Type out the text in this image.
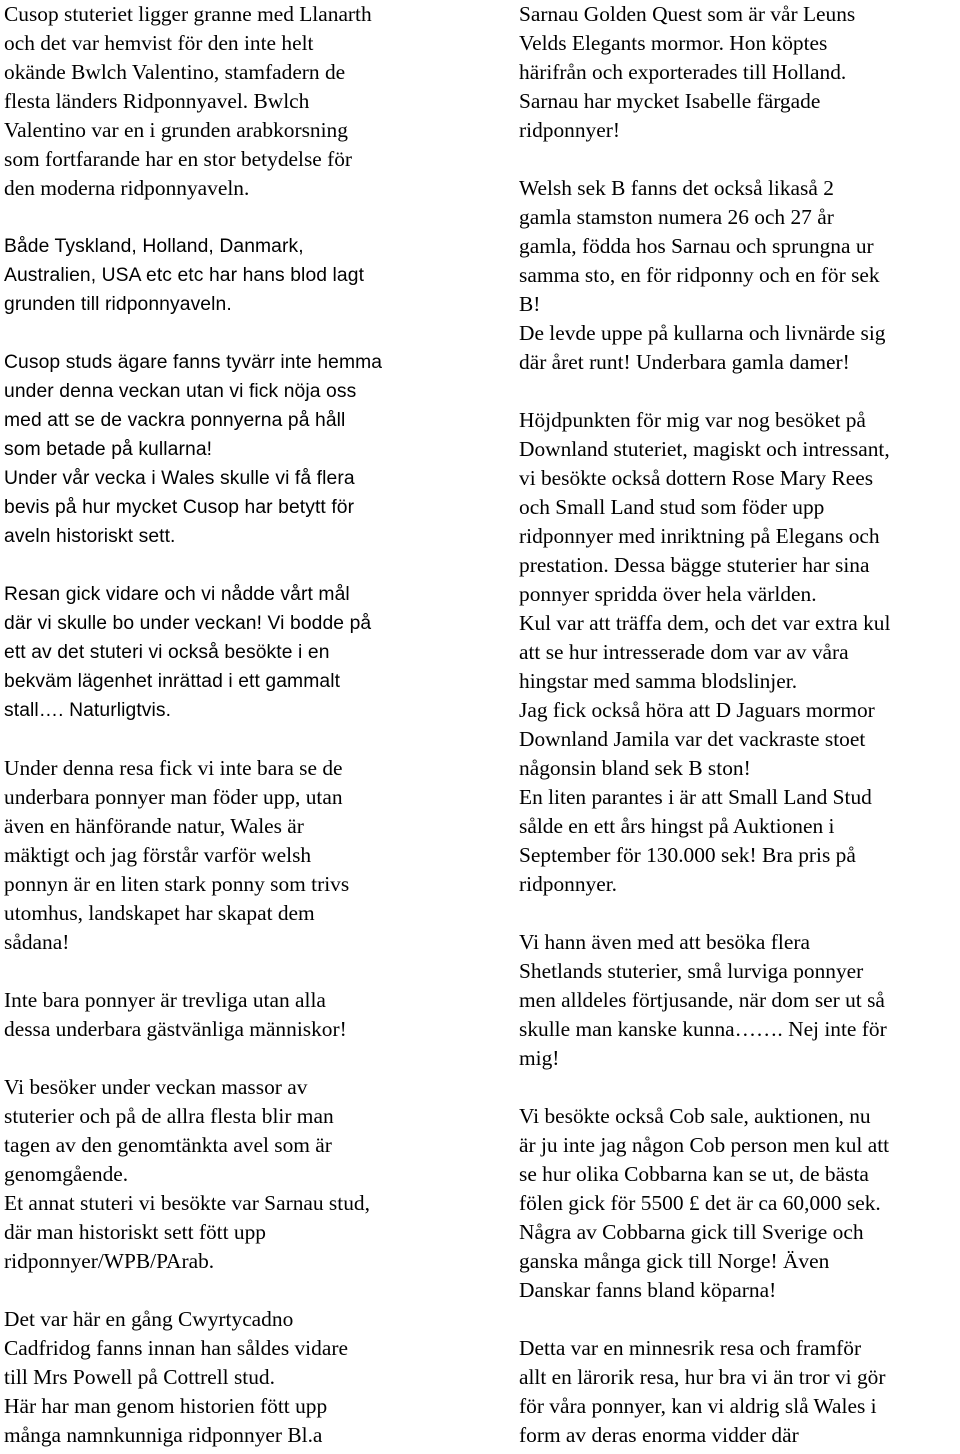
Cusop stuteriet ligger granne med Llanarth
och det var hemvist för den inte helt
okände Bwlch Valentino, stamfadern de
flesta länders Ridponnyavel. Bwlch
Valentino var en i grunden arabkorsning
som fortfarande har en stor betydelse för
den moderna ridponnyaveln.

Både Tyskland, Holland, Danmark,
Australien, USA etc etc har hans blod lagt
grunden till ridponnyaveln.

Cusop studs ägare fanns tyvärr inte hemma
under denna veckan utan vi fick nöja oss
med att se de vackra ponnyerna på håll
som betade på kullarna!
Under vår vecka i Wales skulle vi få flera
bevis på hur mycket Cusop har betytt för
aveln historiskt sett.

Resan gick vidare och vi nådde vårt mål
där vi skulle bo under veckan! Vi bodde på
ett av det stuteri vi också besökte i en
bekväm lägenhet inrättad i ett gammalt
stall…. Naturligtvis.

Under denna resa fick vi inte bara se de
underbara ponnyer man föder upp, utan
även en hänförande natur, Wales är
mäktigt och jag förstår varför welsh
ponnyn är en liten stark ponny som trivs
utomhus, landskapet har skapat dem
sådana!

Inte bara ponnyer är trevliga utan alla
dessa underbara gästvänliga människor!

Vi besöker under veckan massor av
stuterier och på de allra flesta blir man
tagen av den genomtänkta avel som är
genomgående.
Et annat stuteri vi besökte var Sarnau stud,
där man historiskt sett fött upp
ridponnyer/WPB/PArab.

Det var här en gång Cwyrtycadno
Cadfridog fanns innan han såldes vidare
till Mrs Powell på Cottrell stud.
Här har man genom historien fött upp
många namnkunniga ridponnyer Bl.a

Sarnau Golden Quest som är vår Leuns
Velds Elegants mormor. Hon köptes
härifrån och exporterades till Holland.
Sarnau har mycket Isabelle färgade
ridponnyer!

Welsh sek B fanns det också likaså 2
gamla stamston numera 26 och 27 år
gamla, födda hos Sarnau och sprungna ur
samma sto, en för ridponny och en för sek
B!
De levde uppe på kullarna och livnärde sig
där året runt! Underbara gamla damer!

Höjdpunkten för mig var nog besöket på
Downland stuteriet, magiskt och intressant,
vi besökte också dottern Rose Mary Rees
och Small Land stud som föder upp
ridponnyer med inriktning på Elegans och
prestation. Dessa bägge stuterier har sina
ponnyer spridda över hela världen.
Kul var att träffa dem, och det var extra kul
att se hur intresserade dom var av våra
hingstar med samma blodslinjer.
Jag fick också höra att D Jaguars mormor
Downland Jamila var det vackraste stoet
någonsin bland sek B ston!
En liten parantes i är att Small Land Stud
sålde en ett års hingst på Auktionen i
September för 130.000 sek! Bra pris på
ridponnyer.

Vi hann även med att besöka flera
Shetlands stuterier, små lurviga ponnyer
men alldeles förtjusande, när dom ser ut så
skulle man kanske kunna……. Nej inte för
mig!

Vi besökte också Cob sale, auktionen, nu
är ju inte jag någon Cob person men kul att
se hur olika Cobbarna kan se ut, de bästa
fölen gick för 5500 £ det är ca 60,000 sek.
Några av Cobbarna gick till Sverige och
ganska många gick till Norge! Även
Danskar fanns bland köparna!

Detta var en minnesrik resa och framför
allt en lärorik resa, hur bra vi än tror vi gör
för våra ponnyer, kan vi aldrig slå Wales i
form av deras enorma vidder där
